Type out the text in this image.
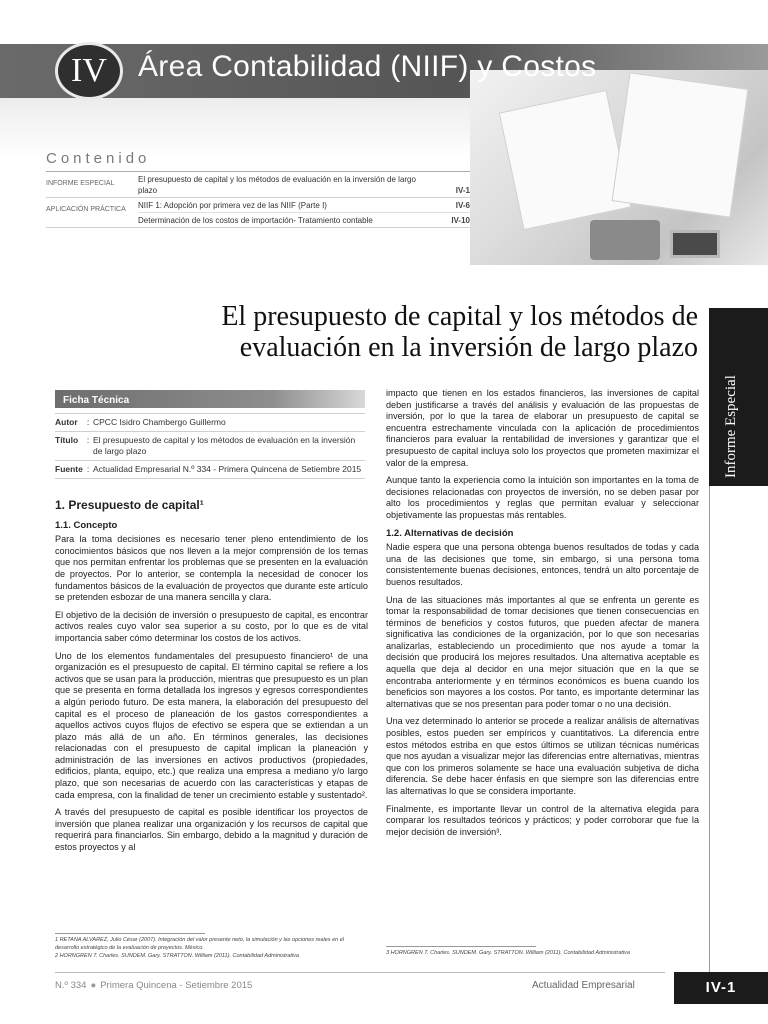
IV	Área Contabilidad (NIIF) y Costos
Contenido
INFORME ESPECIAL	El presupuesto de capital y los métodos de evaluación en la inversión de largo plazo	IV-1
APLICACIÓN PRÁCTICA	NIIF 1: Adopción por primera vez de las NIIF (Parte I)	IV-6
Determinación de los costos de importación- Tratamiento contable	IV-10
El presupuesto de capital y los métodos de
evaluación en la inversión de largo plazo
Informe Especial
Ficha Técnica
Autor	: CPCC Isidro Chambergo Guillermo
Título	: El presupuesto de capital y los métodos de evaluación en la inversión de largo plazo
Fuente : Actualidad Empresarial N.º 334 - Primera Quincena de Setiembre 2015
1. Presupuesto de capital¹
1.1. Concepto

Para la toma decisiones es necesario tener pleno entendimiento de los conocimientos básicos que nos lleven a la mejor comprensión de los temas que nos permitan enfrentar los problemas que se presenten en la evaluación de proyectos. Por lo anterior, se contempla la necesidad de conocer los fundamentos básicos de la evaluación de proyectos que durante este artículo se pretenden esbozar de una manera sencilla y clara.

El objetivo de la decisión de inversión o presupuesto de capital, es encontrar activos reales cuyo valor sea superior a su costo, por lo que es de vital importancia saber cómo determinar los costos de los activos.

Uno de los elementos fundamentales del presupuesto financiero¹ de una organización es el presupuesto de capital. El término capital se refiere a los activos que se usan para la producción, mientras que presupuesto es un plan que se presenta en forma detallada los ingresos y egresos correspondientes a algún periodo futuro. De esta manera, la elaboración del presupuesto del capital es el proceso de planeación de los gastos correspondientes a aquellos activos cuyos flujos de efectivo se espera que se extiendan a un plazo más allá de un año. En términos generales, las decisiones relacionadas con el presupuesto de capital implican la planeación y administración de las inversiones en activos productivos (propiedades, edificios, planta, equipo, etc.) que realiza una empresa a mediano y/o largo plazo, que son necesarias de acuerdo con las características y etapas de cada empresa, con la finalidad de tener un crecimiento estable y sustentado².

A través del presupuesto de capital es posible identificar los proyectos de inversión que planea realizar una organización y los recursos de capital que requerirá para financiarlos. Sin embargo, debido a la magnitud y duración de estos proyectos y al

impacto que tienen en los estados financieros, las inversiones de capital deben justificarse a través del análisis y evaluación de las propuestas de inversión, por lo que la tarea de elaborar un presupuesto de capital se encuentra estrechamente vinculada con la aplicación de procedimientos financieros para evaluar la rentabilidad de inversiones y garantizar que el presupuesto de capital incluya solo los proyectos que prometen maximizar el valor de la empresa.

Aunque tanto la experiencia como la intuición son importantes en la toma de decisiones relacionadas con proyectos de inversión, no se deben pasar por alto los procedimientos y reglas que permitan evaluar y seleccionar objetivamente las propuestas más rentables.

1.2. Alternativas de decisión

Nadie espera que una persona obtenga buenos resultados de todas y cada una de las decisiones que tome, sin embargo, si una persona toma consistentemente buenas decisiones, entonces, tendrá un alto porcentaje de buenos resultados.

Una de las situaciones más importantes al que se enfrenta un gerente es tomar la responsabilidad de tomar decisiones que tienen consecuencias en términos de beneficios y costos futuros, que pueden afectar de manera significativa las condiciones de la organización, por lo que son necesarias analizarlas, estableciendo un procedimiento que nos ayude a tomar la decisión que producirá los mejores resultados. Una alternativa aceptable es aquella que deja al decidor en una mejor situación que en la que se encontraba anteriormente y en términos económicos es buena cuando los beneficios son mayores a los costos. Por tanto, es importante determinar las alternativas que se nos presentan para poder tomar o no una decisión.

Una vez determinado lo anterior se procede a realizar análisis de alternativas posibles, estos pueden ser empíricos y cuantitativos. La diferencia entre estos métodos estriba en que estos últimos se utilizan técnicas numéricas que nos ayudan a visualizar mejor las diferencias entre alternativas, mientras que con los primeros solamente se hace una evaluación subjetiva de dicha diferencia. Se debe hacer énfasis en que siempre son las diferencias entre las alternativas lo que se considera importante.

Finalmente, es importante llevar un control de la alternativa elegida para comparar los resultados teóricos y prácticos; y poder corroborar que fue la mejor decisión de inversión³.

1 RETANA ALVAREZ, Julio César (2007). Integración del valor presente neto, la simulación y las opciones reales en el desarrollo estratégico de la evaluación de proyectos. México.
2 HORNGREN T. Charles. SUNDEM. Gary. STRATTON. William (2011). Contabilidad Administrativa	3 HORNGREN T. Charles. SUNDEM. Gary. STRATTON. William (2011). Contabilidad Administrativa
N.º 334 ● Primera Quincena - Setiembre 2015	Actualidad Empresarial	IV-1
